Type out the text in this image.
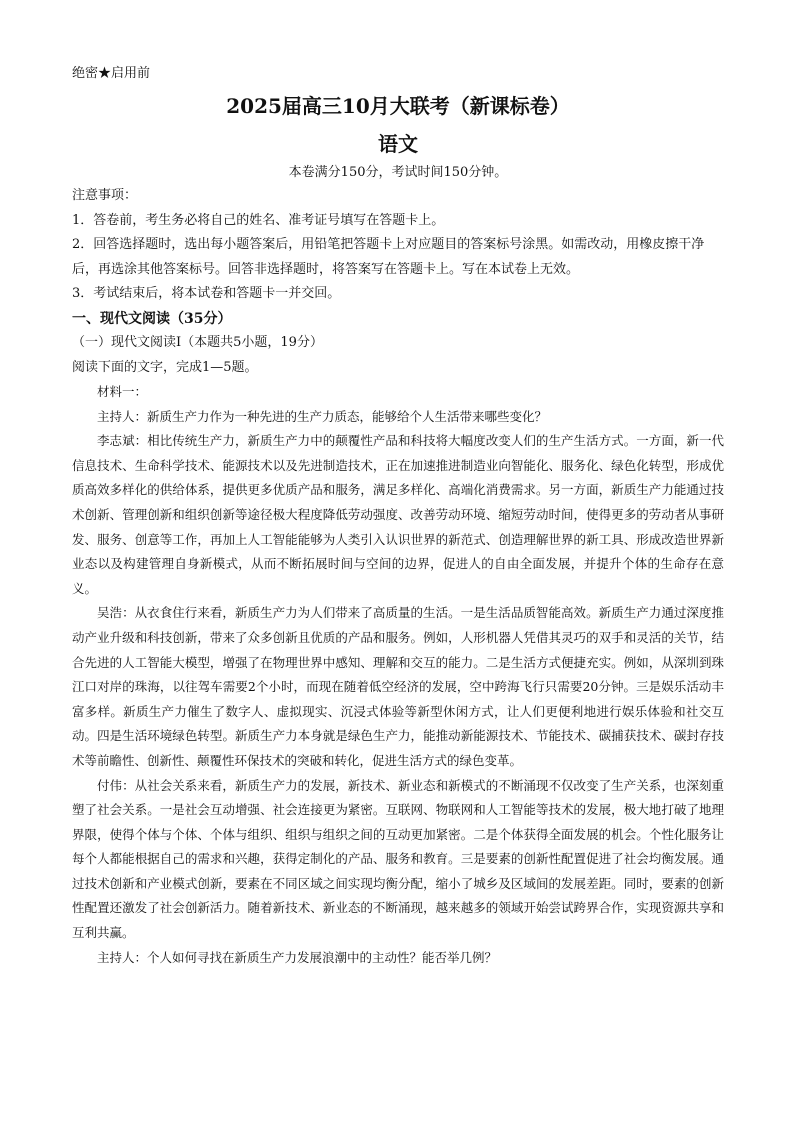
绝密★启用前
2025届高三10月大联考（新课标卷）
语文
本卷满分150分，考试时间150分钟。

注意事项：

1．答卷前，考生务必将自己的姓名、准考证号填写在答题卡上。

2．回答选择题时，选出每小题答案后，用铅笔把答题卡上对应题目的答案标号涂黑。如需改动，用橡皮擦干净后，再选涂其他答案标号。回答非选择题时，将答案写在答题卡上。写在本试卷上无效。

3．考试结束后，将本试卷和答题卡一并交回。

一、现代文阅读（35分）

（一）现代文阅读Ⅰ（本题共5小题，19分）

阅读下面的文字，完成1—5题。

材料一：

主持人：新质生产力作为一种先进的生产力质态，能够给个人生活带来哪些变化？

李志斌：相比传统生产力，新质生产力中的颠覆性产品和科技将大幅度改变人们的生产生活方式。一方面，新一代信息技术、生命科学技术、能源技术以及先进制造技术，正在加速推进制造业向智能化、服务化、绿色化转型，形成优质高效多样化的供给体系，提供更多优质产品和服务，满足多样化、高端化消费需求。另一方面，新质生产力能通过技术创新、管理创新和组织创新等途径极大程度降低劳动强度、改善劳动环境、缩短劳动时间，使得更多的劳动者从事研发、服务、创意等工作，再加上人工智能能够为人类引入认识世界的新范式、创造理解世界的新工具、形成改造世界新业态以及构建管理自身新模式，从而不断拓展时间与空间的边界，促进人的自由全面发展，并提升个体的生命存在意义。

吴浩：从衣食住行来看，新质生产力为人们带来了高质量的生活。一是生活品质智能高效。新质生产力通过深度推动产业升级和科技创新，带来了众多创新且优质的产品和服务。例如，人形机器人凭借其灵巧的双手和灵活的关节，结合先进的人工智能大模型，增强了在物理世界中感知、理解和交互的能力。二是生活方式便捷充实。例如，从深圳到珠江口对岸的珠海，以往驾车需要2个小时，而现在随着低空经济的发展，空中跨海飞行只需要20分钟。三是娱乐活动丰富多样。新质生产力催生了数字人、虚拟现实、沉浸式体验等新型休闲方式，让人们更便利地进行娱乐体验和社交互动。四是生活环境绿色转型。新质生产力本身就是绿色生产力，能推动新能源技术、节能技术、碳捕获技术、碳封存技术等前瞻性、创新性、颠覆性环保技术的突破和转化，促进生活方式的绿色变革。

付伟：从社会关系来看，新质生产力的发展，新技术、新业态和新模式的不断涌现不仅改变了生产关系，也深刻重塑了社会关系。一是社会互动增强、社会连接更为紧密。互联网、物联网和人工智能等技术的发展，极大地打破了地理界限，使得个体与个体、个体与组织、组织与组织之间的互动更加紧密。二是个体获得全面发展的机会。个性化服务让每个人都能根据自己的需求和兴趣，获得定制化的产品、服务和教育。三是要素的创新性配置促进了社会均衡发展。通过技术创新和产业模式创新，要素在不同区域之间实现均衡分配，缩小了城乡及区域间的发展差距。同时，要素的创新性配置还激发了社会创新活力。随着新技术、新业态的不断涌现，越来越多的领域开始尝试跨界合作，实现资源共享和互利共赢。

主持人：个人如何寻找在新质生产力发展浪潮中的主动性？能否举几例？
